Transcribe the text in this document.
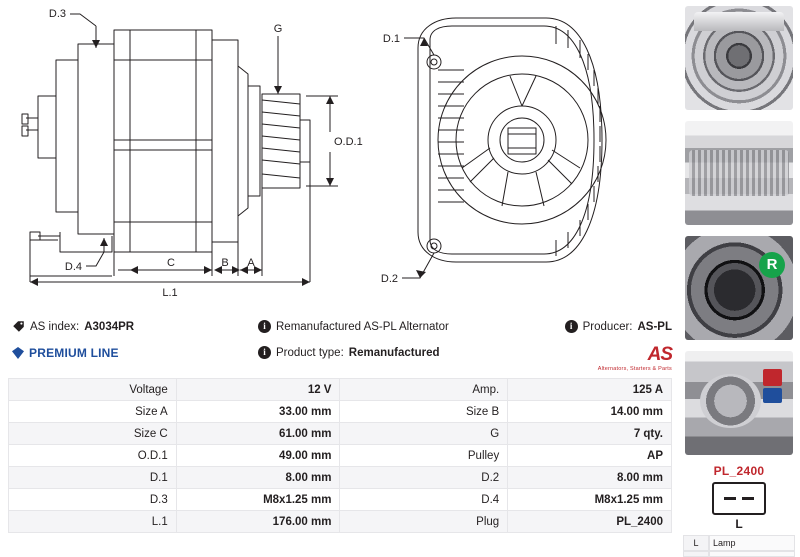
D.3
D.4
G
O.D.1
C	B A
L.1
D.1
D.2
AS index: A3034PR
PREMIUM LINE
i Remanufactured AS-PL Alternator
i Product type: Remanufactured
i Producer: AS-PL
AS
Alternators, Starters & Parts
Voltage	12 V	Amp.	125 A
Size A	33.00 mm	Size B	14.00 mm
Size C	61.00 mm	G	7 qty.
O.D.1	49.00 mm	Pulley	AP
D.1	8.00 mm	D.2	8.00 mm
D.3	M8x1.25 mm	D.4	M8x1.25 mm
L.1	176.00 mm	Plug	PL_2400
R
PL_2400
L
L	Lamp
